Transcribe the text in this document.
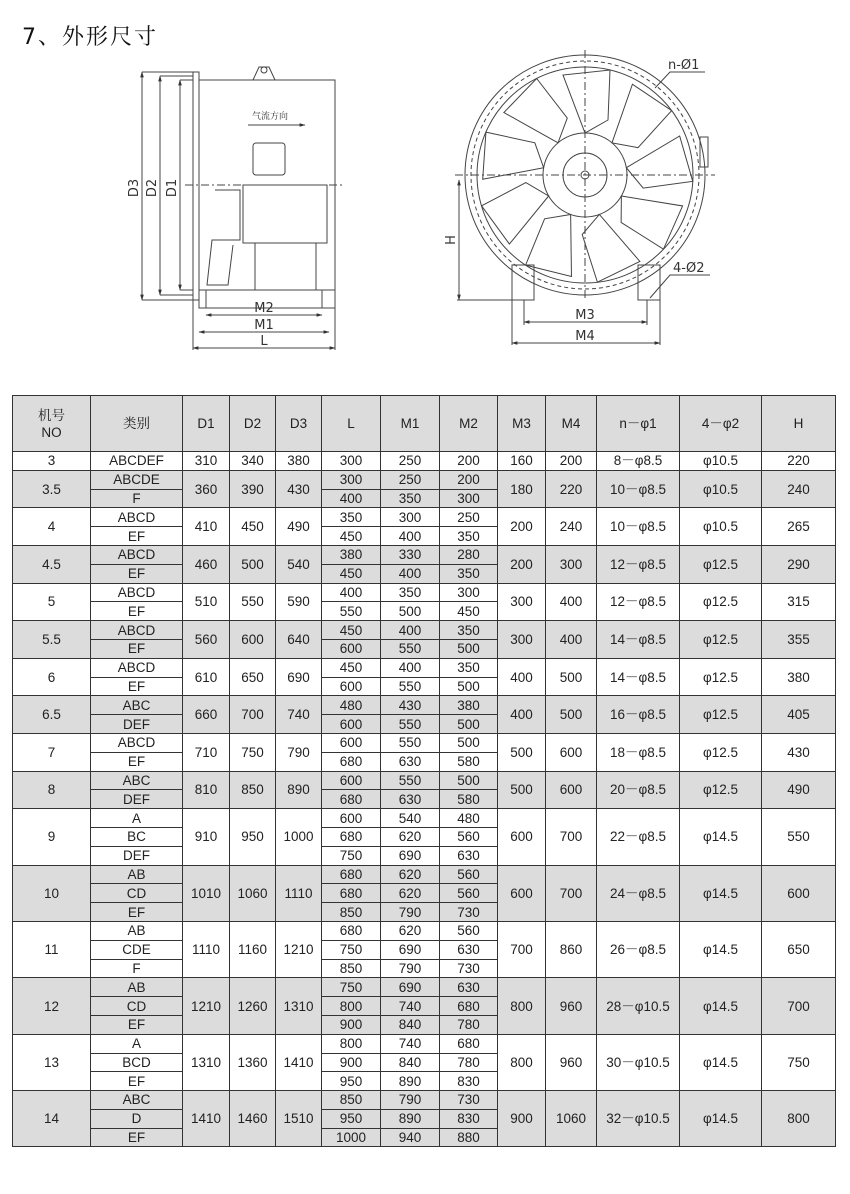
7、外形尺寸
气流方向
D3 D2 D1
M2
M1
L
n-Ø1
H
4-Ø2
M3
M4
机号
NO	类别	D1	D2	D3	L	M1	M2	M3	M4	n－φ1	4－φ2	H
3	ABCDEF	310	340	380	300	250	200	160	200	8－φ8.5	φ10.5	220
3.5	ABCDE	360	390	430	300	250	200	180	220	10－φ8.5	φ10.5	240
	F				400	350	300					
4	ABCD	410	450	490	350	300	250	200	240	10－φ8.5	φ10.5	265
	EF				450	400	350					
4.5	ABCD	460	500	540	380	330	280	200	300	12－φ8.5	φ12.5	290
	EF				450	400	350					
5	ABCD	510	550	590	400	350	300	300	400	12－φ8.5	φ12.5	315
	EF				550	500	450					
5.5	ABCD	560	600	640	450	400	350	300	400	14－φ8.5	φ12.5	355
	EF				600	550	500					
6	ABCD	610	650	690	450	400	350	400	500	14－φ8.5	φ12.5	380
	EF				600	550	500					
6.5	ABC	660	700	740	480	430	380	400	500	16－φ8.5	φ12.5	405
	DEF				600	550	500					
7	ABCD	710	750	790	600	550	500	500	600	18－φ8.5	φ12.5	430
	EF				680	630	580					
8	ABC	810	850	890	600	550	500	500	600	20－φ8.5	φ12.5	490
	DEF				680	630	580					
9	A	910	950	1000	600	540	480	600	700	22－φ8.5	φ14.5	550
	BC				680	620	560					
	DEF				750	690	630					
10	AB	1010	1060	1110	680	620	560	600	700	24－φ8.5	φ14.5	600
	CD				680	620	560					
	EF				850	790	730					
11	AB	1110	1160	1210	680	620	560	700	860	26－φ8.5	φ14.5	650
	CDE				750	690	630					
	F				850	790	730					
12	AB	1210	1260	1310	750	690	630	800	960	28－φ10.5	φ14.5	700
	CD				800	740	680					
	EF				900	840	780					
13	A	1310	1360	1410	800	740	680	800	960	30－φ10.5	φ14.5	750
	BCD				900	840	780					
	EF				950	890	830					
14	ABC	1410	1460	1510	850	790	730	900	1060	32－φ10.5	φ14.5	800
	D				950	890	830					
	EF				1000	940	880					
